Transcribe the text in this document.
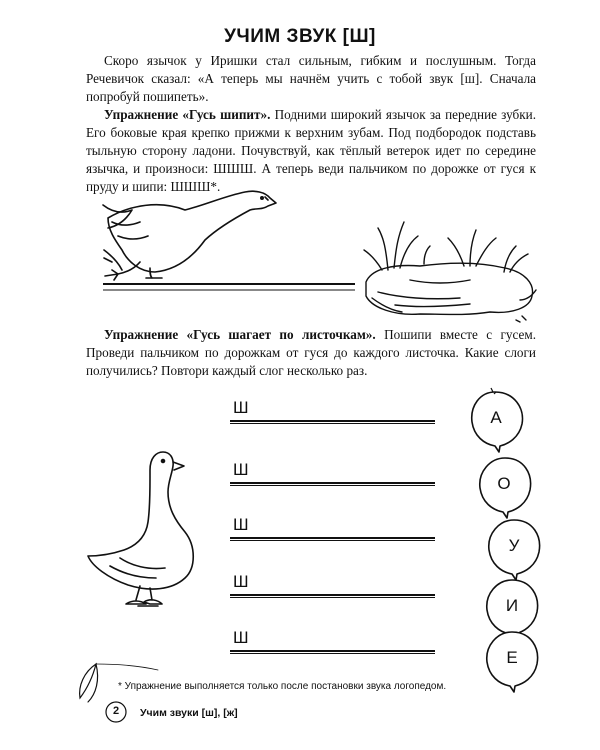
УЧИМ ЗВУК [Ш]
Скоро язычок у Иришки стал сильным, гибким и послушным. Тогда Речевичок сказал: «А теперь мы начнём учить с тобой звук [ш]. Сначала попробуй пошипеть».
Упражнение «Гусь шипит». Подними широкий язычок за передние зубки. Его боковые края крепко прижми к верхним зубам. Под подбородок подставь тыльную сторону ладони. Почувствуй, как тёплый ветерок идет по середине язычка, и произноси: ШШШ. А теперь веди пальчиком по дорожке от гуся к пруду и шипи: ШШШ*.
Упражнение «Гусь шагает по листочкам». Пошипи вместе с гусем. Проведи пальчиком по дорожкам от гуся до каждого листочка. Какие слоги получились? Повтори каждый слог несколько раз.
Ш
Ш
Ш
Ш
Ш
А
О
У
И
Е
* Упражнение выполняется только после постановки звука логопедом.
2	Учим звуки [ш], [ж]
